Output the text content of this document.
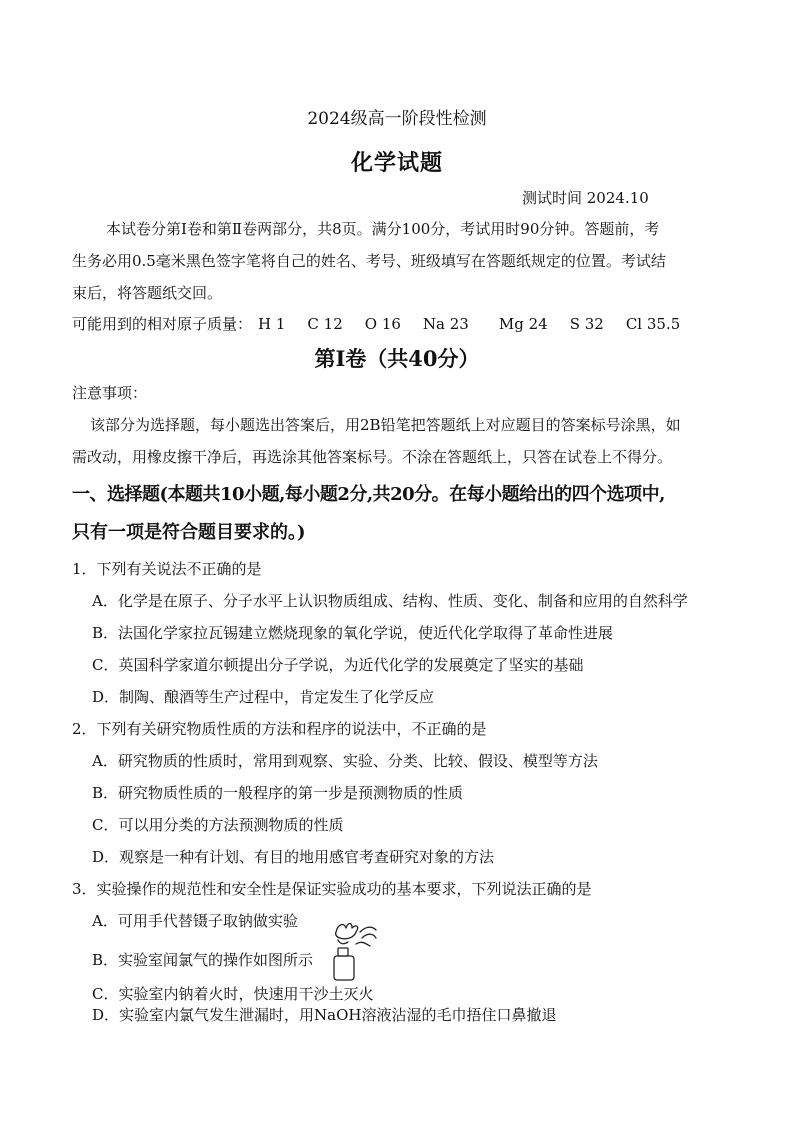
2024级高一阶段性检测
化学试题
测试时间 2024.10
本试卷分第Ⅰ卷和第Ⅱ卷两部分，共8页。满分100分，考试用时90分钟。答题前，考
生务必用0.5毫米黑色签字笔将自己的姓名、考号、班级填写在答题纸规定的位置。考试结
束后，将答题纸交回。
可能用到的相对原子质量： H 1 C 12 O 16 Na 23 Mg 24 S 32 Cl 35.5
第Ⅰ卷（共40分）
注意事项：
该部分为选择题，每小题选出答案后，用2B铅笔把答题纸上对应题目的答案标号涂黑，如
需改动，用橡皮擦干净后，再选涂其他答案标号。不涂在答题纸上，只答在试卷上不得分。
一、选择题(本题共10小题,每小题2分,共20分。在每小题给出的四个选项中,
只有一项是符合题目要求的。)
1．下列有关说法不正确的是
A．化学是在原子、分子水平上认识物质组成、结构、性质、变化、制备和应用的自然科学
B．法国化学家拉瓦锡建立燃烧现象的氧化学说，使近代化学取得了革命性进展
C．英国科学家道尔顿提出分子学说，为近代化学的发展奠定了坚实的基础
D．制陶、酿酒等生产过程中，肯定发生了化学反应
2．下列有关研究物质性质的方法和程序的说法中，不正确的是
A．研究物质的性质时，常用到观察、实验、分类、比较、假设、模型等方法
B．研究物质性质的一般程序的第一步是预测物质的性质
C．可以用分类的方法预测物质的性质
D．观察是一种有计划、有目的地用感官考查研究对象的方法
3．实验操作的规范性和安全性是保证实验成功的基本要求，下列说法正确的是
A．可用手代替镊子取钠做实验
B．实验室闻氯气的操作如图所示
C．实验室内钠着火时，快速用干沙土灭火
D．实验室内氯气发生泄漏时，用NaOH溶液沾湿的毛巾捂住口鼻撤退
